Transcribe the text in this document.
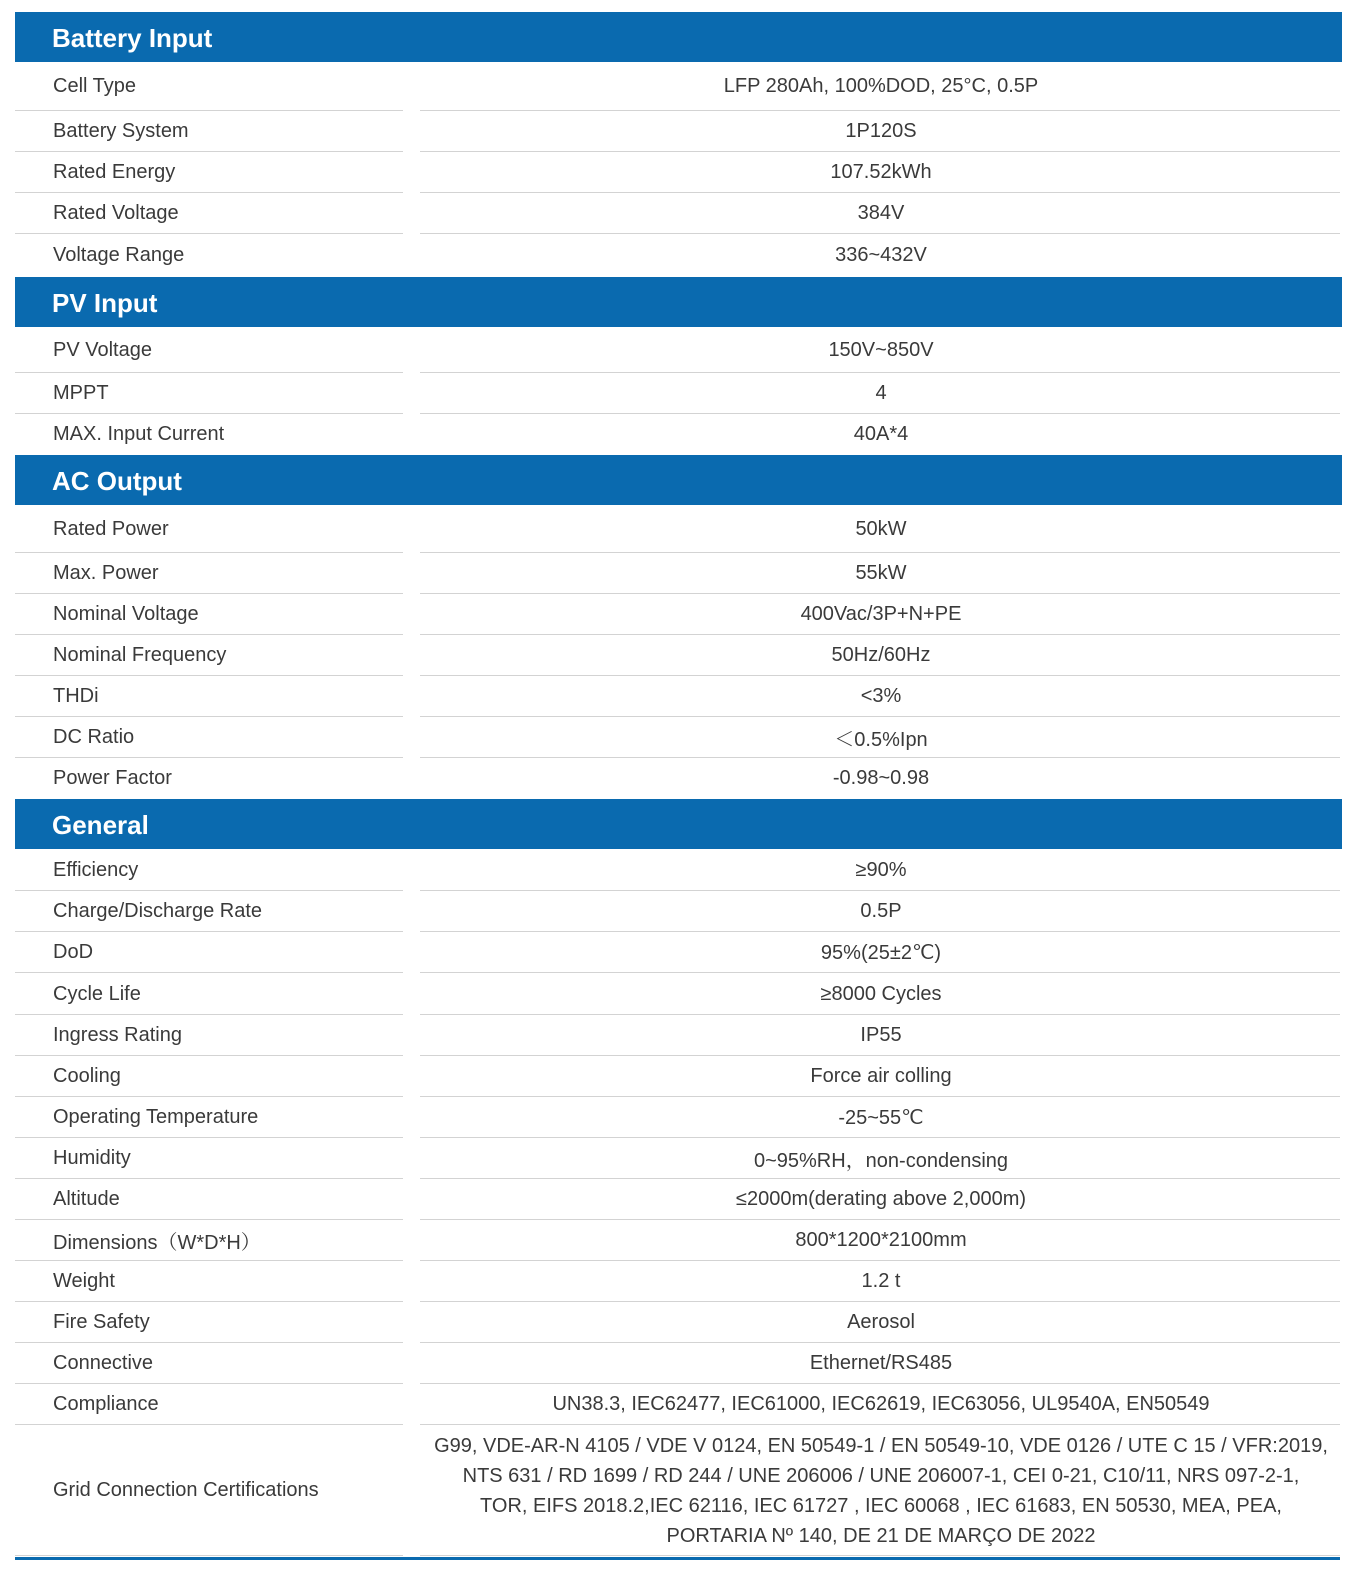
Battery Input
Cell Type	LFP 280Ah, 100%DOD, 25°C, 0.5P
Battery System	1P120S
Rated Energy	107.52kWh
Rated Voltage	384V
Voltage Range	336~432V
PV Input
PV Voltage	150V~850V
MPPT	4
MAX. Input Current	40A*4
AC Output
Rated Power	50kW
Max. Power	55kW
Nominal Voltage	400Vac/3P+N+PE
Nominal Frequency	50Hz/60Hz
THDi	<3%
DC Ratio	＜0.5%Ipn
Power Factor	-0.98~0.98
General
Efficiency	≥90%
Charge/Discharge Rate	0.5P
DoD	95%(25±2℃)
Cycle Life	≥8000 Cycles
Ingress Rating	IP55
Cooling	Force air colling
Operating Temperature	-25~55℃
Humidity	0~95%RH，non-condensing
Altitude	≤2000m(derating above 2,000m)
Dimensions（W*D*H）	800*1200*2100mm
Weight	1.2 t
Fire Safety	Aerosol
Connective	Ethernet/RS485
Compliance	UN38.3, IEC62477, IEC61000, IEC62619, IEC63056, UL9540A, EN50549
Grid Connection Certifications
G99, VDE-AR-N 4105 / VDE V 0124, EN 50549-1 / EN 50549-10, VDE 0126 / UTE C 15 / VFR:2019,
NTS 631 / RD 1699 / RD 244 / UNE 206006 / UNE 206007-1, CEI 0-21, C10/11, NRS 097-2-1,
TOR, EIFS 2018.2,IEC 62116, IEC 61727 , IEC 60068 , IEC 61683, EN 50530, MEA, PEA,
PORTARIA Nº 140, DE 21 DE MARÇO DE 2022
